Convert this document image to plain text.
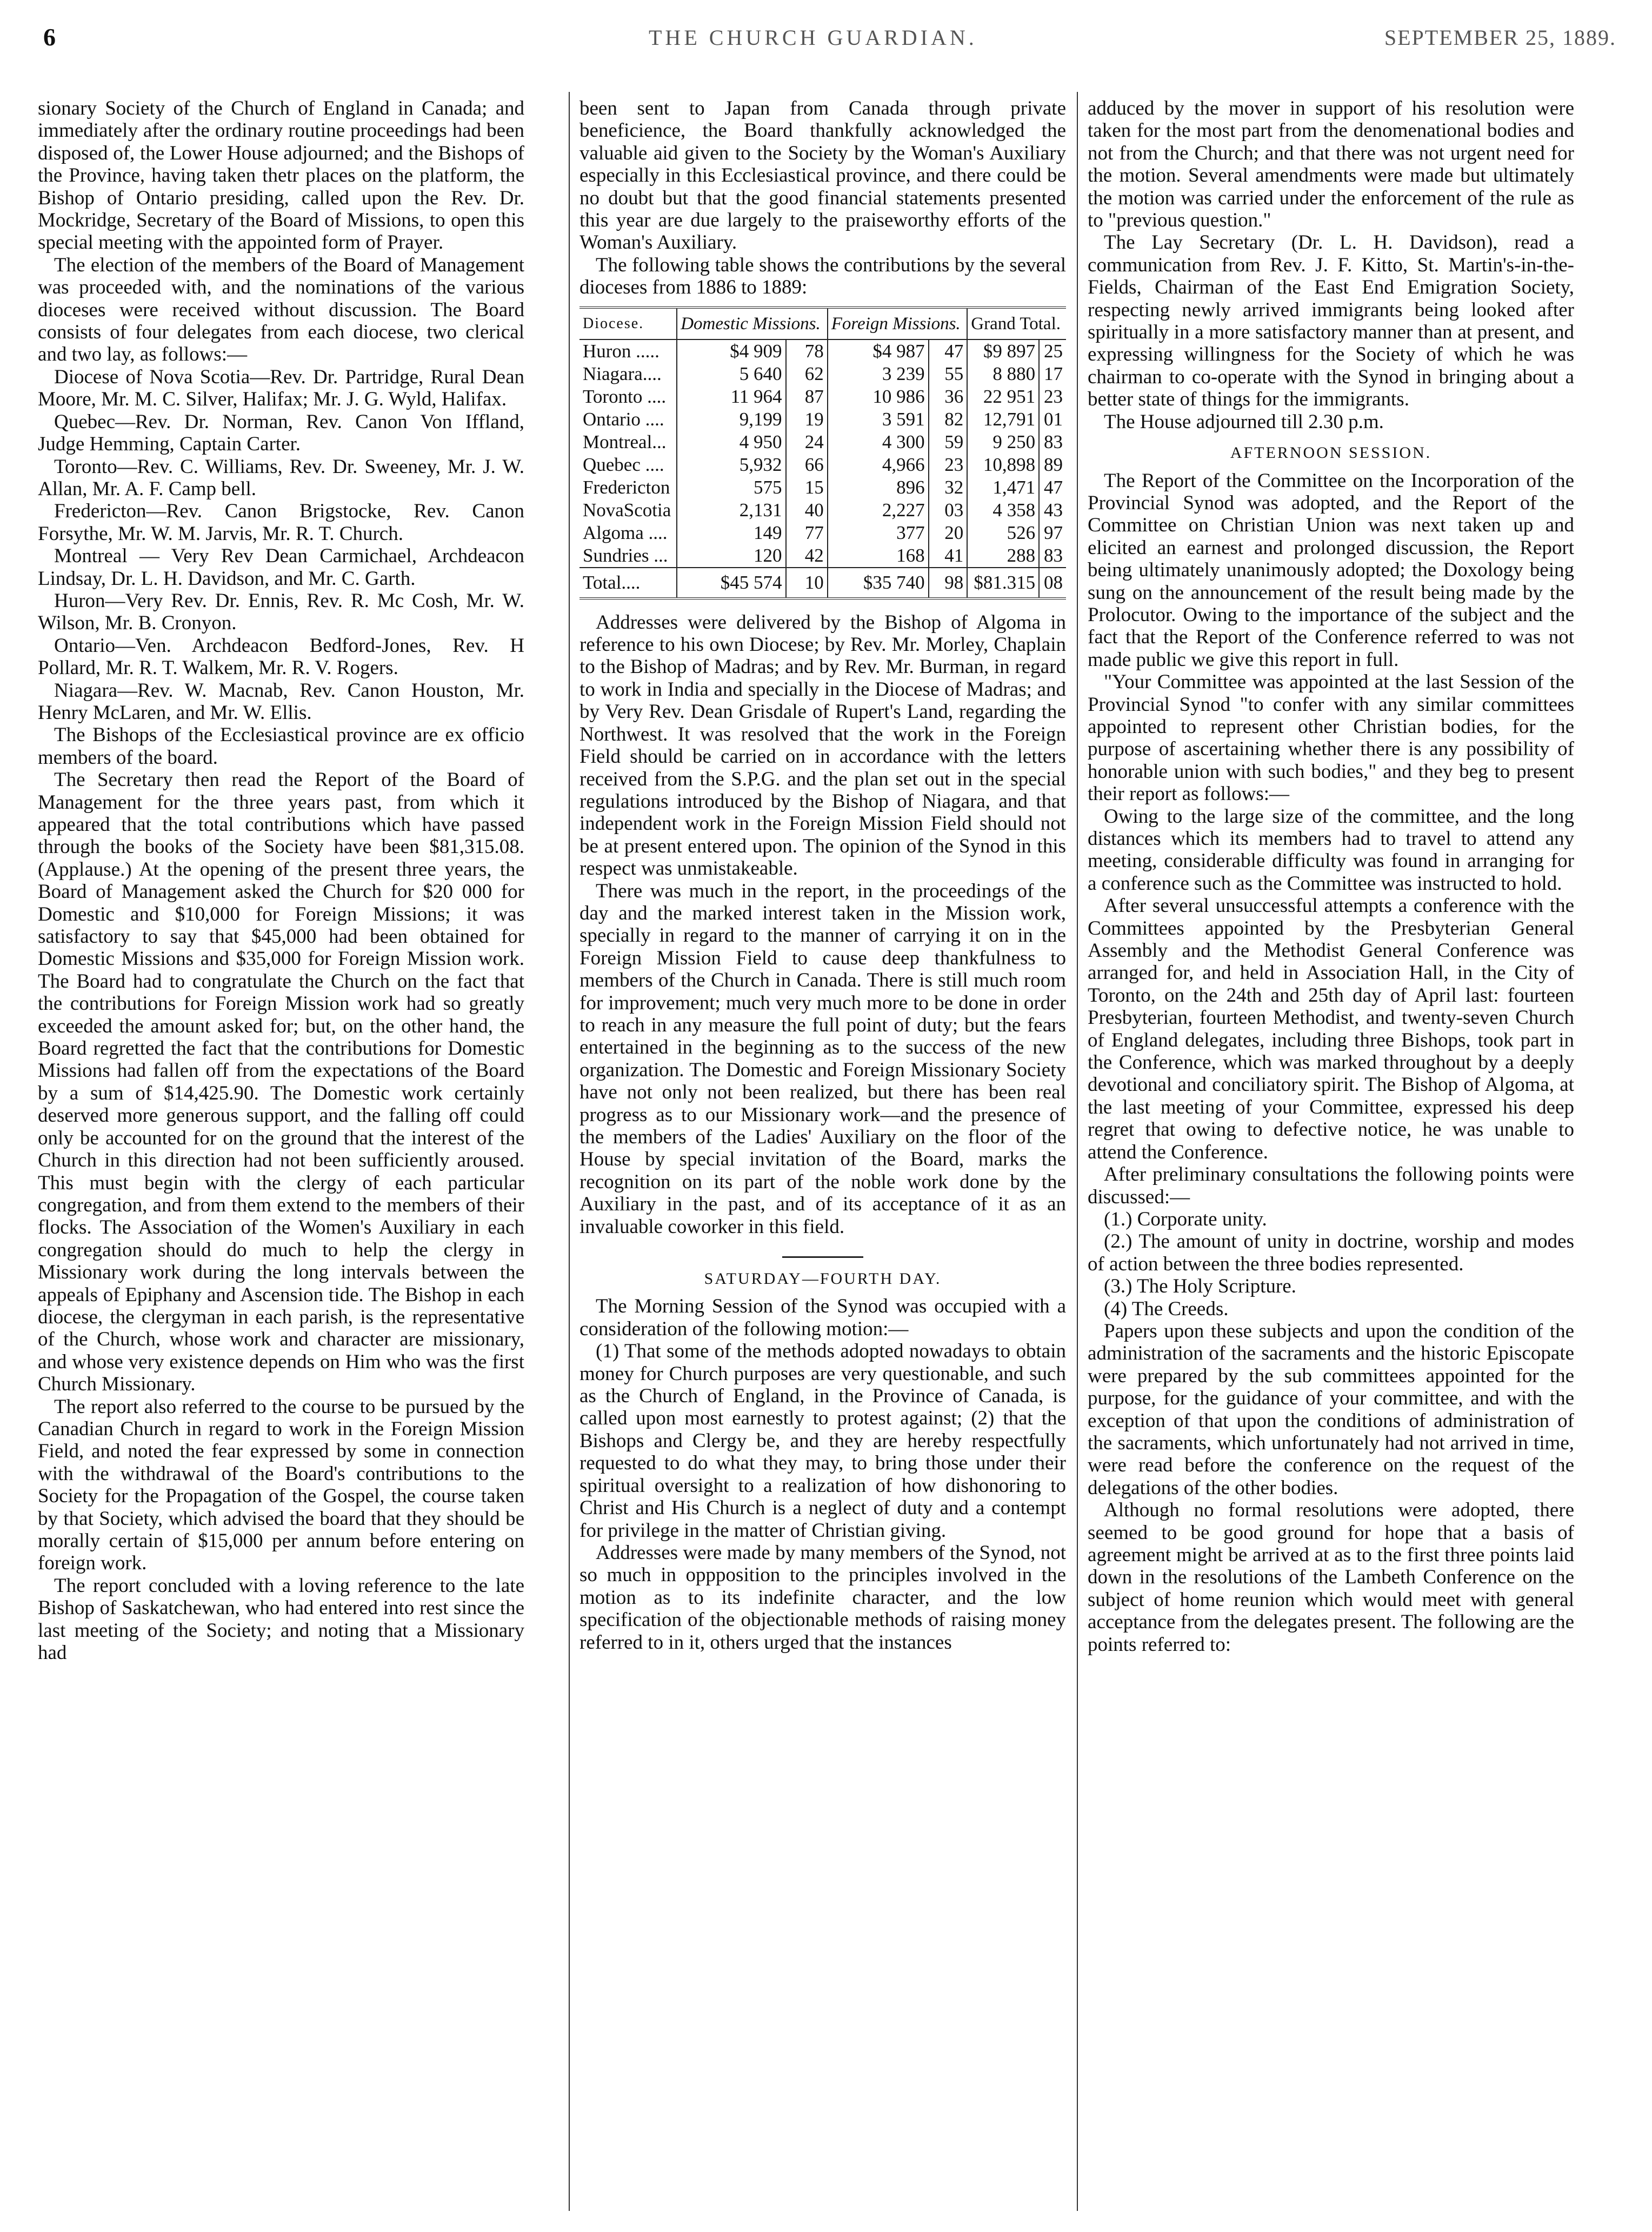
6	THE CHURCH GUARDIAN.	SEPTEMBER 25, 1889.

sionary Society of the Church of England in Canada; and immediately after the ordinary routine proceedings had been disposed of, the Lower House adjourned; and the Bishops of the Province, having taken thetr places on the platform, the Bishop of Ontario presiding, called upon the Rev. Dr. Mockridge, Secretary of the Board of Missions, to open this special meeting with the appointed form of Prayer.

The election of the members of the Board of Management was proceeded with, and the nominations of the various dioceses were received without discussion. The Board consists of four delegates from each diocese, two clerical and two lay, as follows:—

Diocese of Nova Scotia—Rev. Dr. Partridge, Rural Dean Moore, Mr. M. C. Silver, Halifax; Mr. J. G. Wyld, Halifax.

Quebec—Rev. Dr. Norman, Rev. Canon Von Iffland, Judge Hemming, Captain Carter.

Toronto—Rev. C. Williams, Rev. Dr. Sweeney, Mr. J. W. Allan, Mr. A. F. Camp bell.

Fredericton—Rev. Canon Brigstocke, Rev. Canon Forsythe, Mr. W. M. Jarvis, Mr. R. T. Church.

Montreal — Very Rev Dean Carmichael, Archdeacon Lindsay, Dr. L. H. Davidson, and Mr. C. Garth.

Huron—Very Rev. Dr. Ennis, Rev. R. Mc Cosh, Mr. W. Wilson, Mr. B. Cronyon.

Ontario—Ven. Archdeacon Bedford-Jones, Rev. H Pollard, Mr. R. T. Walkem, Mr. R. V. Rogers.

Niagara—Rev. W. Macnab, Rev. Canon Houston, Mr. Henry McLaren, and Mr. W. Ellis.

The Bishops of the Ecclesiastical province are ex officio members of the board.

The Secretary then read the Report of the Board of Management for the three years past, from which it appeared that the total contributions which have passed through the books of the Society have been $81,315.08. (Applause.) At the opening of the present three years, the Board of Management asked the Church for $20 000 for Domestic and $10,000 for Foreign Missions; it was satisfactory to say that $45,000 had been obtained for Domestic Missions and $35,000 for Foreign Mission work. The Board had to congratulate the Church on the fact that the contributions for Foreign Mission work had so greatly exceeded the amount asked for; but, on the other hand, the Board regretted the fact that the contributions for Domestic Missions had fallen off from the expectations of the Board by a sum of $14,425.90. The Domestic work certainly deserved more generous support, and the falling off could only be accounted for on the ground that the interest of the Church in this direction had not been sufficiently aroused. This must begin with the clergy of each particular congregation, and from them extend to the members of their flocks. The Association of the Women's Auxiliary in each congregation should do much to help the clergy in Missionary work during the long intervals between the appeals of Epiphany and Ascension tide. The Bishop in each diocese, the clergyman in each parish, is the representative of the Church, whose work and character are missionary, and whose very existence depends on Him who was the first Church Missionary.

The report also referred to the course to be pursued by the Canadian Church in regard to work in the Foreign Mission Field, and noted the fear expressed by some in connection with the withdrawal of the Board's contributions to the Society for the Propagation of the Gospel, the course taken by that Society, which advised the board that they should be morally certain of $15,000 per annum before entering on foreign work.

The report concluded with a loving reference to the late Bishop of Saskatchewan, who had entered into rest since the last meeting of the Society; and noting that a Missionary had

been sent to Japan from Canada through private beneficience, the Board thankfully acknowledged the valuable aid given to the Society by the Woman's Auxiliary especially in this Ecclesiastical province, and there could be no doubt but that the good financial statements presented this year are due largely to the praiseworthy efforts of the Woman's Auxiliary.

The following table shows the contributions by the several dioceses from 1886 to 1889:

Diocese.	Domestic Missions.		Foreign Missions.		Grand Total.	
Huron .....	$4 909	78	$4 987	47	$9 897	25
Niagara....	5 640	62	3 239	55	8 880	17
Toronto ....	11 964	87	10 986	36	22 951	23
Ontario ....	9,199	19	3 591	82	12,791	01
Montreal...	4 950	24	4 300	59	9 250	83
Quebec ....	5,932	66	4,966	23	10,898	89
Fredericton	575	15	896	32	1,471	47
NovaScotia	2,131	40	2,227	03	4 358	43
Algoma ....	149	77	377	20	526	97
Sundries ...	120	42	168	41	288	83
Total....	$45 574	10	$35 740	98	$81.315	08

Addresses were delivered by the Bishop of Algoma in reference to his own Diocese; by Rev. Mr. Morley, Chaplain to the Bishop of Madras; and by Rev. Mr. Burman, in regard to work in India and specially in the Diocese of Madras; and by Very Rev. Dean Grisdale of Rupert's Land, regarding the Northwest. It was resolved that the work in the Foreign Field should be carried on in accordance with the letters received from the S.P.G. and the plan set out in the special regulations introduced by the Bishop of Niagara, and that independent work in the Foreign Mission Field should not be at present entered upon. The opinion of the Synod in this respect was unmistakeable.

There was much in the report, in the proceedings of the day and the marked interest taken in the Mission work, specially in regard to the manner of carrying it on in the Foreign Mission Field to cause deep thankfulness to members of the Church in Canada. There is still much room for improvement; much very much more to be done in order to reach in any measure the full point of duty; but the fears entertained in the beginning as to the success of the new organization. The Domestic and Foreign Missionary Society have not only not been realized, but there has been real progress as to our Missionary work—and the presence of the members of the Ladies' Auxiliary on the floor of the House by special invitation of the Board, marks the recognition on its part of the noble work done by the Auxiliary in the past, and of its acceptance of it as an invaluable coworker in this field.

SATURDAY—FOURTH DAY.

The Morning Session of the Synod was occupied with a consideration of the following motion:—

(1) That some of the methods adopted nowadays to obtain money for Church purposes are very questionable, and such as the Church of England, in the Province of Canada, is called upon most earnestly to protest against; (2) that the Bishops and Clergy be, and they are hereby respectfully requested to do what they may, to bring those under their spiritual oversight to a realization of how dishonoring to Christ and His Church is a neglect of duty and a contempt for privilege in the matter of Christian giving.

Addresses were made by many members of the Synod, not so much in oppposition to the principles involved in the motion as to its indefinite character, and the low specification of the objectionable methods of raising money referred to in it, others urged that the instances

adduced by the mover in support of his resolution were taken for the most part from the denomenational bodies and not from the Church; and that there was not urgent need for the motion. Several amendments were made but ultimately the motion was carried under the enforcement of the rule as to "previous question."

The Lay Secretary (Dr. L. H. Davidson), read a communication from Rev. J. F. Kitto, St. Martin's-in-the-Fields, Chairman of the East End Emigration Society, respecting newly arrived immigrants being looked after spiritually in a more satisfactory manner than at present, and expressing willingness for the Society of which he was chairman to co-operate with the Synod in bringing about a better state of things for the immigrants.

The House adjourned till 2.30 p.m.

AFTERNOON SESSION.

The Report of the Committee on the Incorporation of the Provincial Synod was adopted, and the Report of the Committee on Christian Union was next taken up and elicited an earnest and prolonged discussion, the Report being ultimately unanimously adopted; the Doxology being sung on the announcement of the result being made by the Prolocutor. Owing to the importance of the subject and the fact that the Report of the Conference referred to was not made public we give this report in full.

"Your Committee was appointed at the last Session of the Provincial Synod "to confer with any similar committees appointed to represent other Christian bodies, for the purpose of ascertaining whether there is any possibility of honorable union with such bodies," and they beg to present their report as follows:—

Owing to the large size of the committee, and the long distances which its members had to travel to attend any meeting, considerable difficulty was found in arranging for a conference such as the Committee was instructed to hold.

After several unsuccessful attempts a conference with the Committees appointed by the Presbyterian General Assembly and the Methodist General Conference was arranged for, and held in Association Hall, in the City of Toronto, on the 24th and 25th day of April last: fourteen Presbyterian, fourteen Methodist, and twenty-seven Church of England delegates, including three Bishops, took part in the Conference, which was marked throughout by a deeply devotional and conciliatory spirit. The Bishop of Algoma, at the last meeting of your Committee, expressed his deep regret that owing to defective notice, he was unable to attend the Conference.

After preliminary consultations the following points were discussed:—

(1.) Corporate unity.

(2.) The amount of unity in doctrine, worship and modes of action between the three bodies represented.

(3.) The Holy Scripture.

(4) The Creeds.

Papers upon these subjects and upon the condition of the administration of the sacraments and the historic Episcopate were prepared by the sub committees appointed for the purpose, for the guidance of your committee, and with the exception of that upon the conditions of administration of the sacraments, which unfortunately had not arrived in time, were read before the conference on the request of the delegations of the other bodies.

Although no formal resolutions were adopted, there seemed to be good ground for hope that a basis of agreement might be arrived at as to the first three points laid down in the resolutions of the Lambeth Conference on the subject of home reunion which would meet with general acceptance from the delegates present. The following are the points referred to:
